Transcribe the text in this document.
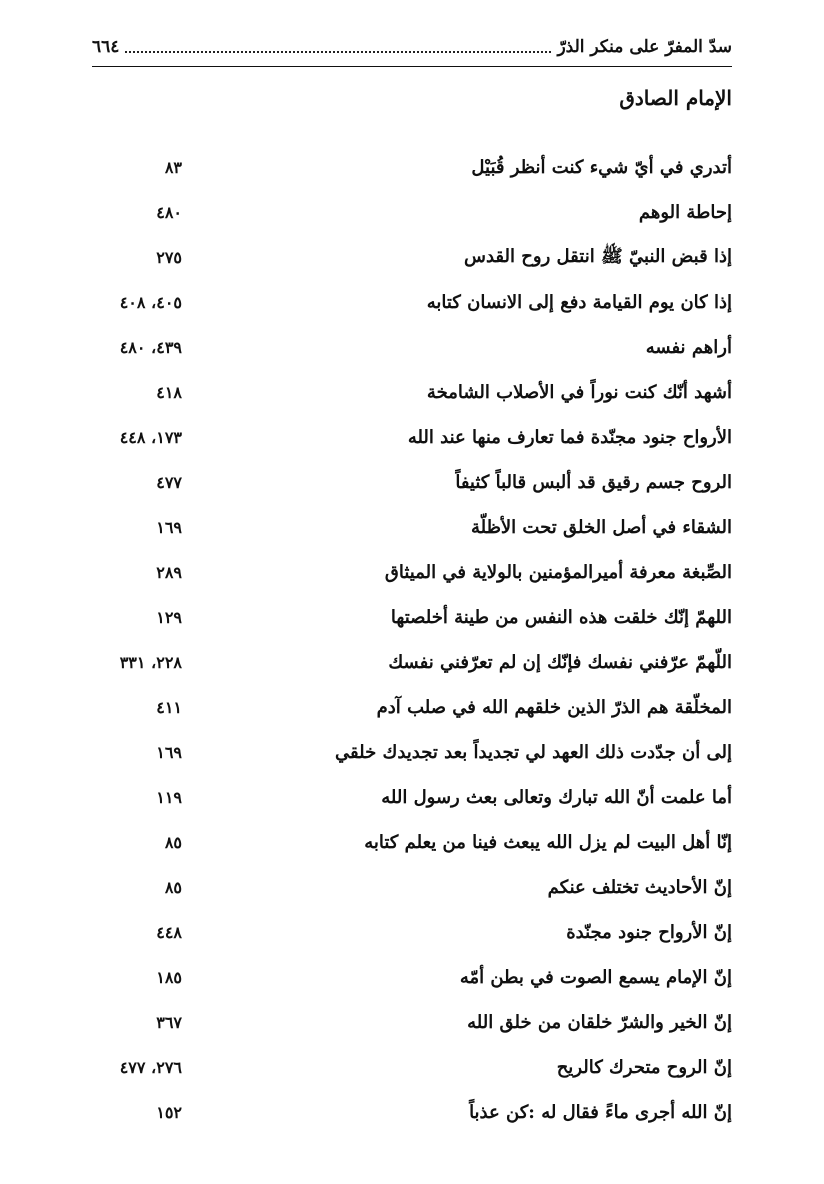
سدّ المفرّ على منكر الذرّ
٦٦٤
الإمام الصادق
أتدري في أيّ شيء كنت أنظر قُبَيْل
٨٣
إحاطة الوهم
٤٨٠
إذا قبض النبيّ ﷺ انتقل روح القدس
٢٧٥
إذا كان يوم القيامة دفع إلى الانسان كتابه
٤٠٥، ٤٠٨
أراهم نفسه
٤٣٩، ٤٨٠
أشهد أنّك كنت نوراً في الأصلاب الشامخة
٤١٨
الأرواح جنود مجنّدة فما تعارف منها عند الله
١٧٣، ٤٤٨
الروح جسم رقيق قد ألبس قالباً كثيفاً
٤٧٧
الشقاء في أصل الخلق تحت الأظلّة
١٦٩
الصِّبغة معرفة أميرالمؤمنين بالولاية في الميثاق
٢٨٩
اللهمّ إنّك خلقت هذه النفس من طينة أخلصتها
١٢٩
اللّهمّ عرّفني نفسك فإنّك إن لم تعرّفني نفسك
٢٢٨، ٣٣١
المخلّقة هم الذرّ الذين خلقهم الله في صلب آدم
٤١١
إلى أن جدّدت ذلك العهد لي تجديداً بعد تجديدك خلقي
١٦٩
أما علمت أنّ الله تبارك وتعالى بعث رسول الله
١١٩
إنّا أهل البيت لم يزل الله يبعث فينا من يعلم كتابه
٨٥
إنّ الأحاديث تختلف عنكم
٨٥
إنّ الأرواح جنود مجنّدة
٤٤٨
إنّ الإمام يسمع الصوت في بطن أمّه
١٨٥
إنّ الخير والشرّ خلقان من خلق الله
٣٦٧
إنّ الروح متحرك كالريح
٢٧٦، ٤٧٧
إنّ الله أجرى ماءً فقال له :كن عذباً
١٥٢
